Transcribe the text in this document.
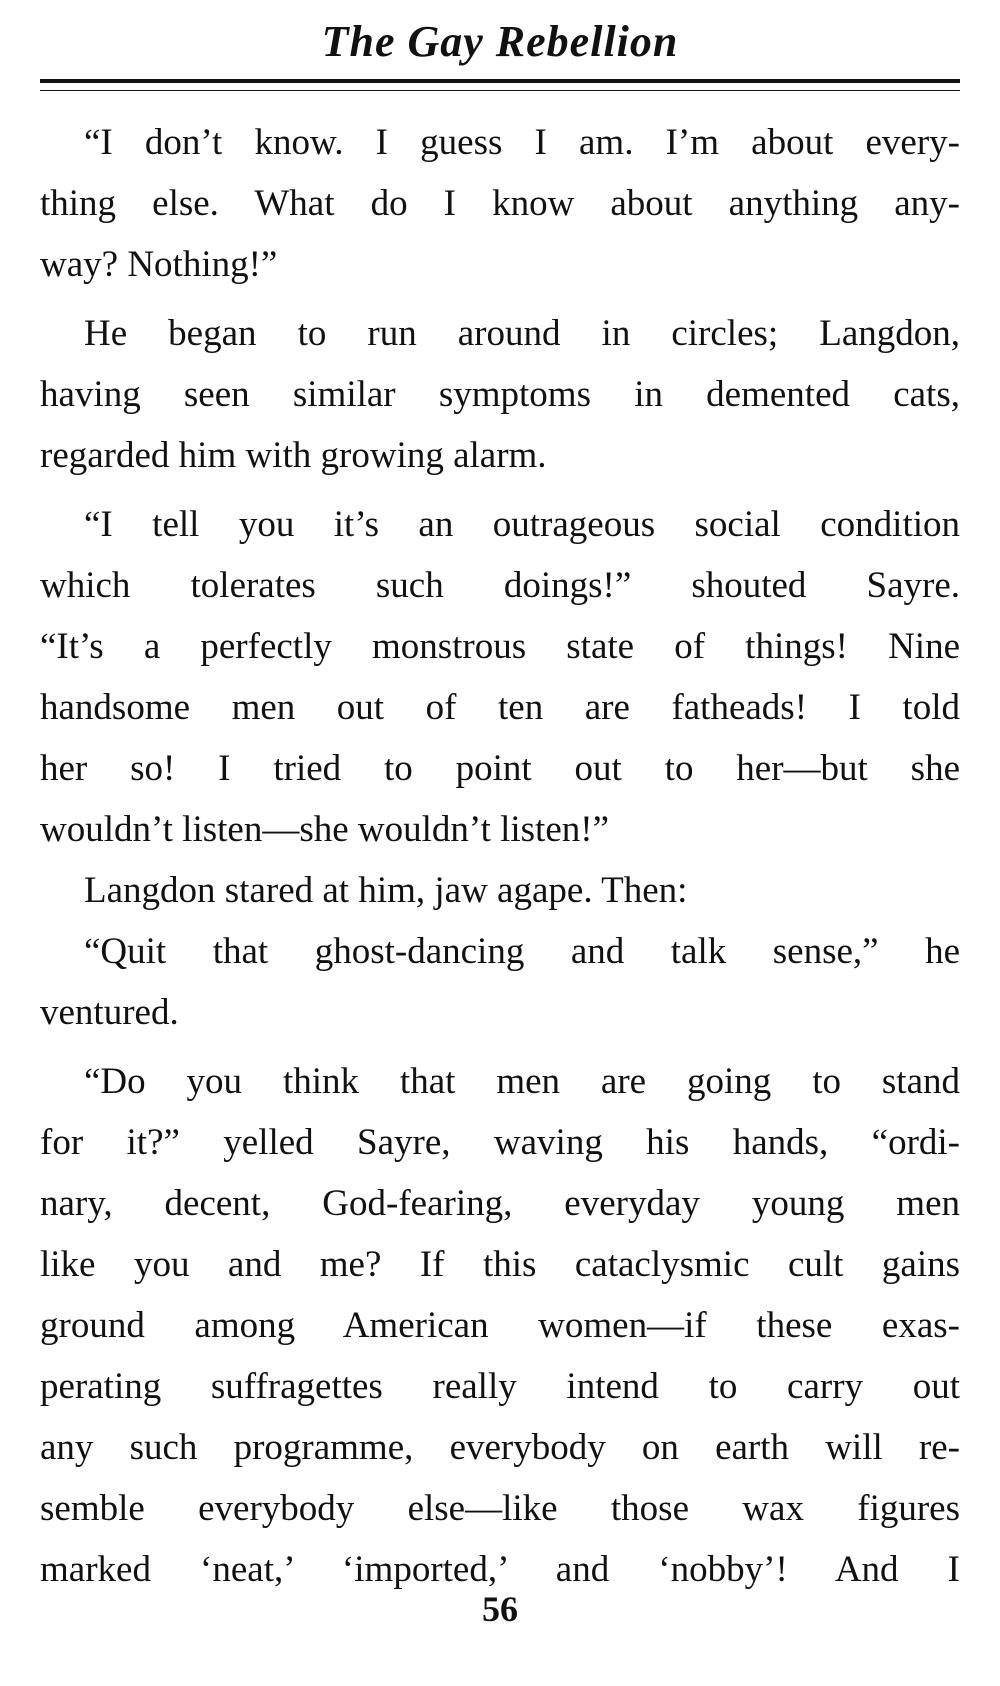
The Gay Rebellion
“I don’t know. I guess I am. I’m about every-
thing else. What do I know about anything any-
way? Nothing!”
He began to run around in circles; Langdon,
having seen similar symptoms in demented cats,
regarded him with growing alarm.
“I tell you it’s an outrageous social condition
which tolerates such doings!” shouted Sayre.
“It’s a perfectly monstrous state of things! Nine
handsome men out of ten are fatheads! I told
her so! I tried to point out to her—but she
wouldn’t listen—she wouldn’t listen!”
Langdon stared at him, jaw agape. Then:
“Quit that ghost-dancing and talk sense,” he
ventured.
“Do you think that men are going to stand
for it?” yelled Sayre, waving his hands, “ordi-
nary, decent, God-fearing, everyday young men
like you and me? If this cataclysmic cult gains
ground among American women—if these exas-
perating suffragettes really intend to carry out
any such programme, everybody on earth will re-
semble everybody else—like those wax figures
marked ‘neat,’ ‘imported,’ and ‘nobby’! And I
56
